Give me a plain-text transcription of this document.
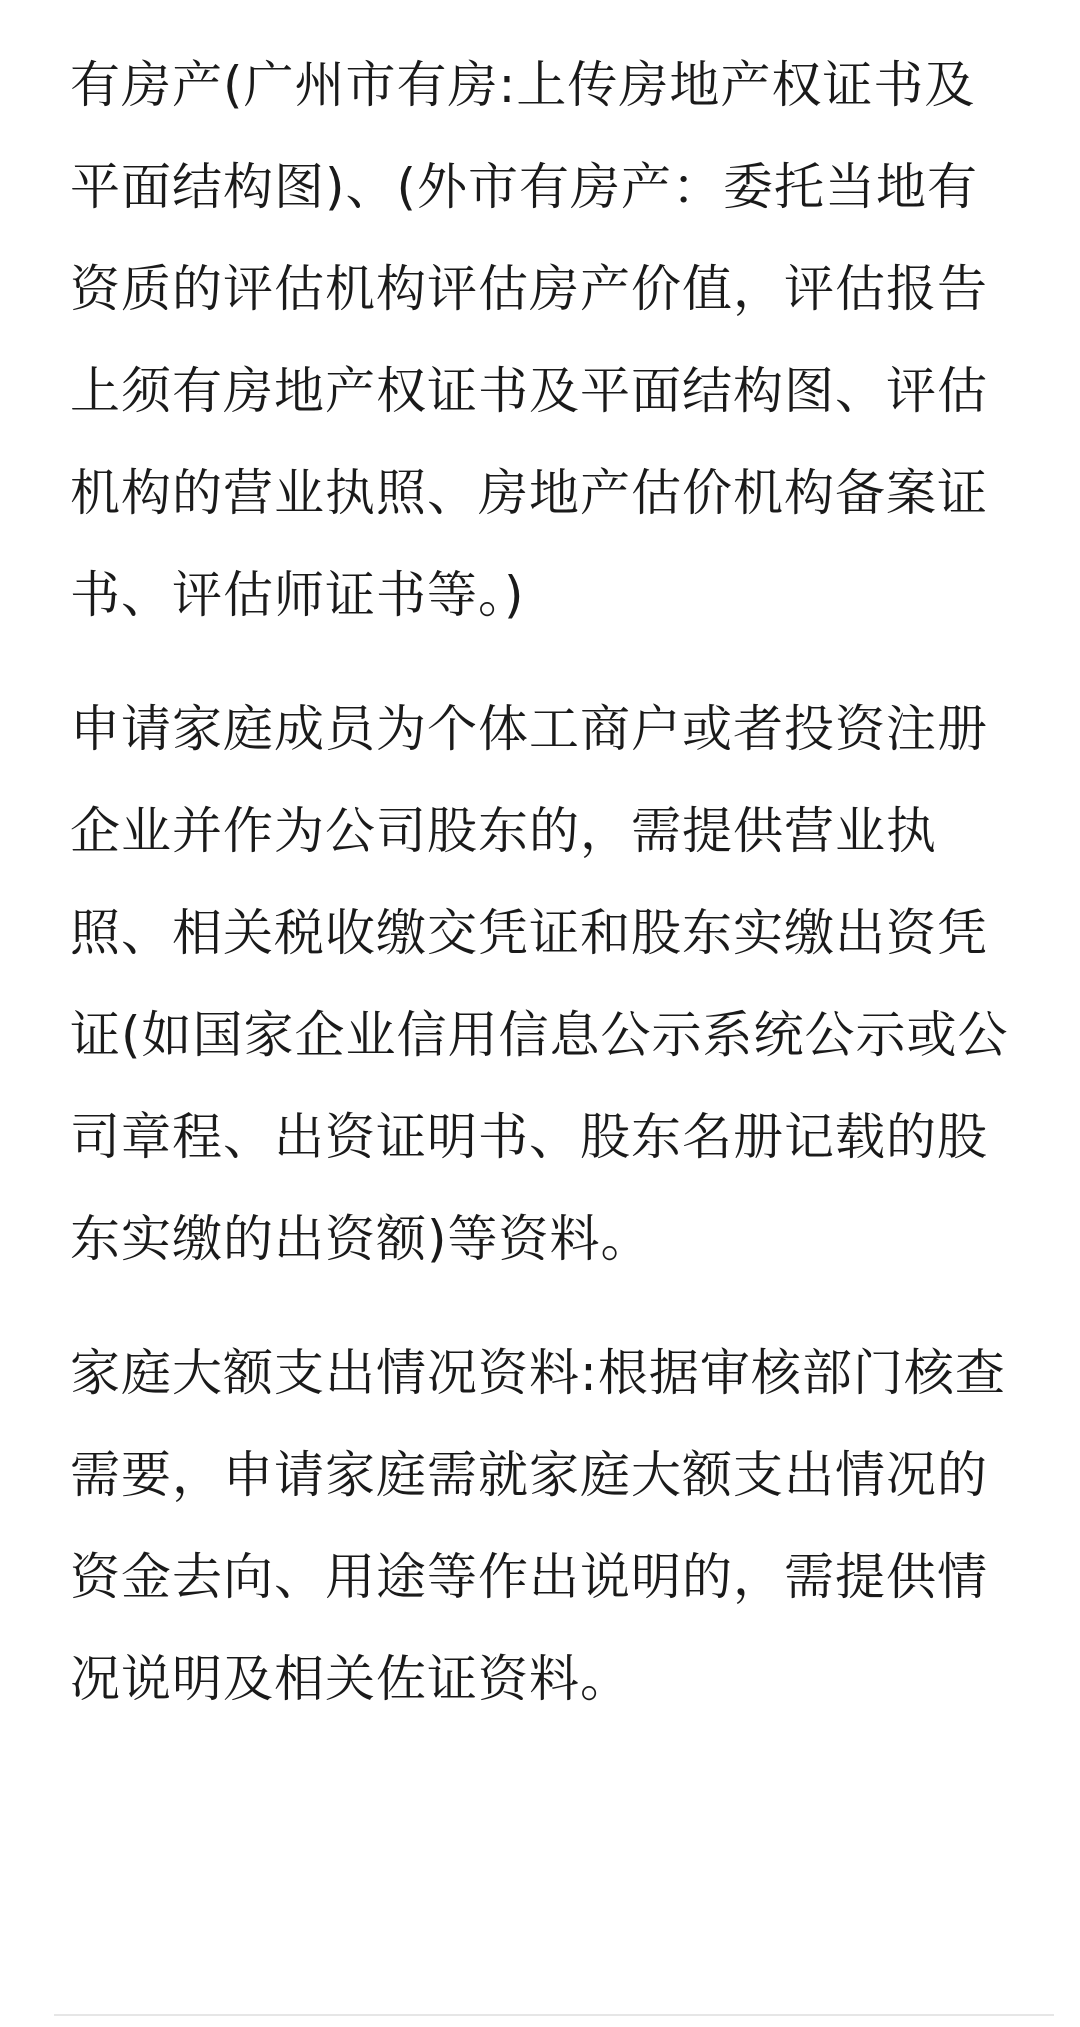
有房产(广州市有房:上传房地产权证书及平面结构图)、(外市有房产：委托当地有资质的评估机构评估房产价值，评估报告上须有房地产权证书及平面结构图、评估机构的营业执照、房地产估价机构备案证书、评估师证书等。)

申请家庭成员为个体工商户或者投资注册企业并作为公司股东的，需提供营业执照、相关税收缴交凭证和股东实缴出资凭证(如国家企业信用信息公示系统公示或公司章程、出资证明书、股东名册记载的股东实缴的出资额)等资料。

家庭大额支出情况资料:根据审核部门核查需要，申请家庭需就家庭大额支出情况的资金去向、用途等作出说明的，需提供情况说明及相关佐证资料。
